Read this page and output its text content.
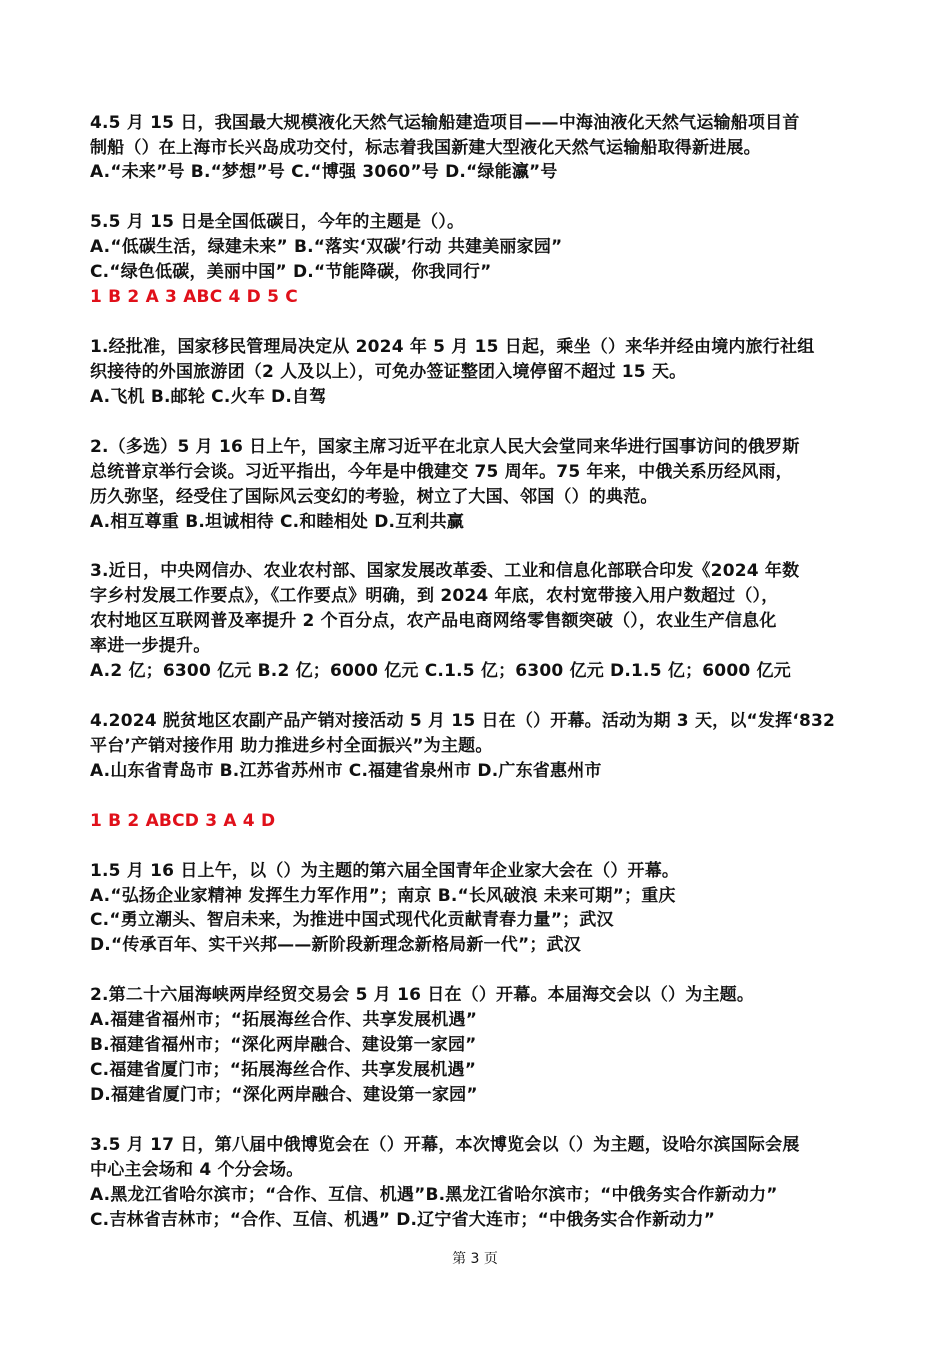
4.5 月 15 日，我国最大规模液化天然气运输船建造项目——中海油液化天然气运输船项目首
制船（）在上海市长兴岛成功交付，标志着我国新建大型液化天然气运输船取得新进展。
A.“未来”号 B.“梦想”号 C.“博强 3060”号 D.“绿能瀛”号
5.5 月 15 日是全国低碳日，今年的主题是（）。
A.“低碳生活，绿建未来” B.“落实‘双碳’行动 共建美丽家园”
C.“绿色低碳，美丽中国” D.“节能降碳，你我同行”
1 B 2 A 3 ABC 4 D 5 C
1.经批准，国家移民管理局决定从 2024 年 5 月 15 日起，乘坐（）来华并经由境内旅行社组
织接待的外国旅游团（2 人及以上），可免办签证整团入境停留不超过 15 天。
A.飞机 B.邮轮 C.火车 D.自驾
2.（多选）5 月 16 日上午，国家主席习近平在北京人民大会堂同来华进行国事访问的俄罗斯
总统普京举行会谈。习近平指出，今年是中俄建交 75 周年。75 年来，中俄关系历经风雨，
历久弥坚，经受住了国际风云变幻的考验，树立了大国、邻国（）的典范。
A.相互尊重 B.坦诚相待 C.和睦相处 D.互利共赢
3.近日，中央网信办、农业农村部、国家发展改革委、工业和信息化部联合印发《2024 年数
字乡村发展工作要点》，《工作要点》明确，到 2024 年底，农村宽带接入用户数超过（），
农村地区互联网普及率提升 2 个百分点，农产品电商网络零售额突破（），农业生产信息化
率进一步提升。
A.2 亿；6300 亿元 B.2 亿；6000 亿元 C.1.5 亿；6300 亿元 D.1.5 亿；6000 亿元
4.2024 脱贫地区农副产品产销对接活动 5 月 15 日在（）开幕。活动为期 3 天，以“发挥‘832
平台’产销对接作用 助力推进乡村全面振兴”为主题。
A.山东省青岛市 B.江苏省苏州市 C.福建省泉州市 D.广东省惠州市
1 B 2 ABCD 3 A 4 D
1.5 月 16 日上午，以（）为主题的第六届全国青年企业家大会在（）开幕。
A.“弘扬企业家精神 发挥生力军作用”；南京 B.“长风破浪 未来可期”；重庆
C.“勇立潮头、智启未来，为推进中国式现代化贡献青春力量”；武汉
D.“传承百年、实干兴邦——新阶段新理念新格局新一代”；武汉
2.第二十六届海峡两岸经贸交易会 5 月 16 日在（）开幕。本届海交会以（）为主题。
A.福建省福州市；“拓展海丝合作、共享发展机遇”
B.福建省福州市；“深化两岸融合、建设第一家园”
C.福建省厦门市；“拓展海丝合作、共享发展机遇”
D.福建省厦门市；“深化两岸融合、建设第一家园”
3.5 月 17 日，第八届中俄博览会在（）开幕，本次博览会以（）为主题，设哈尔滨国际会展
中心主会场和 4 个分会场。
A.黑龙江省哈尔滨市；“合作、互信、机遇”B.黑龙江省哈尔滨市；“中俄务实合作新动力”
C.吉林省吉林市；“合作、互信、机遇” D.辽宁省大连市；“中俄务实合作新动力”
第 3 页
